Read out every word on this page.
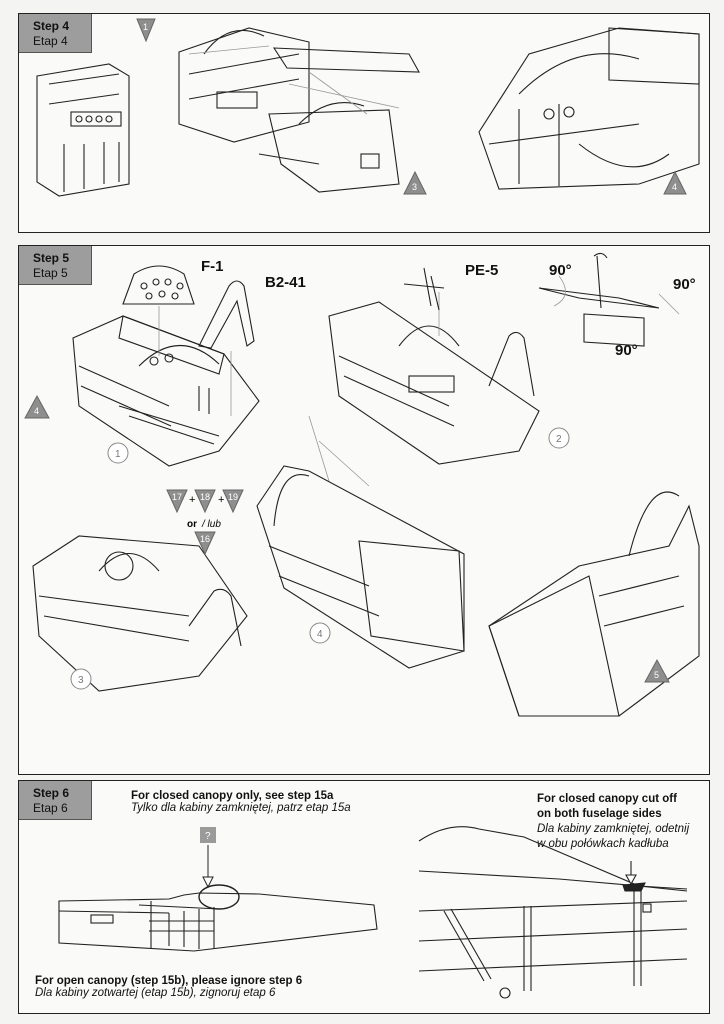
Step 4
Etap 4
1
3	4
Step 5
Etap 5	F-1
B2-41
PE-5	90°
90°
90°
1
2
3
4
4
17 + 18 + 19
or / lub
16
5
Step 6
Etap 6
For closed canopy only, see step 15a
Tylko dla kabiny zamkniętej, patrz etap 15a
For closed canopy cut off
on both fuselage sides
Dla kabiny zamkniętej, odetnij
w obu połówkach kadłuba
For open canopy (step 15b), please ignore step 6
Dla kabiny zotwartej (etap 15b), zignoruj etap 6
?
